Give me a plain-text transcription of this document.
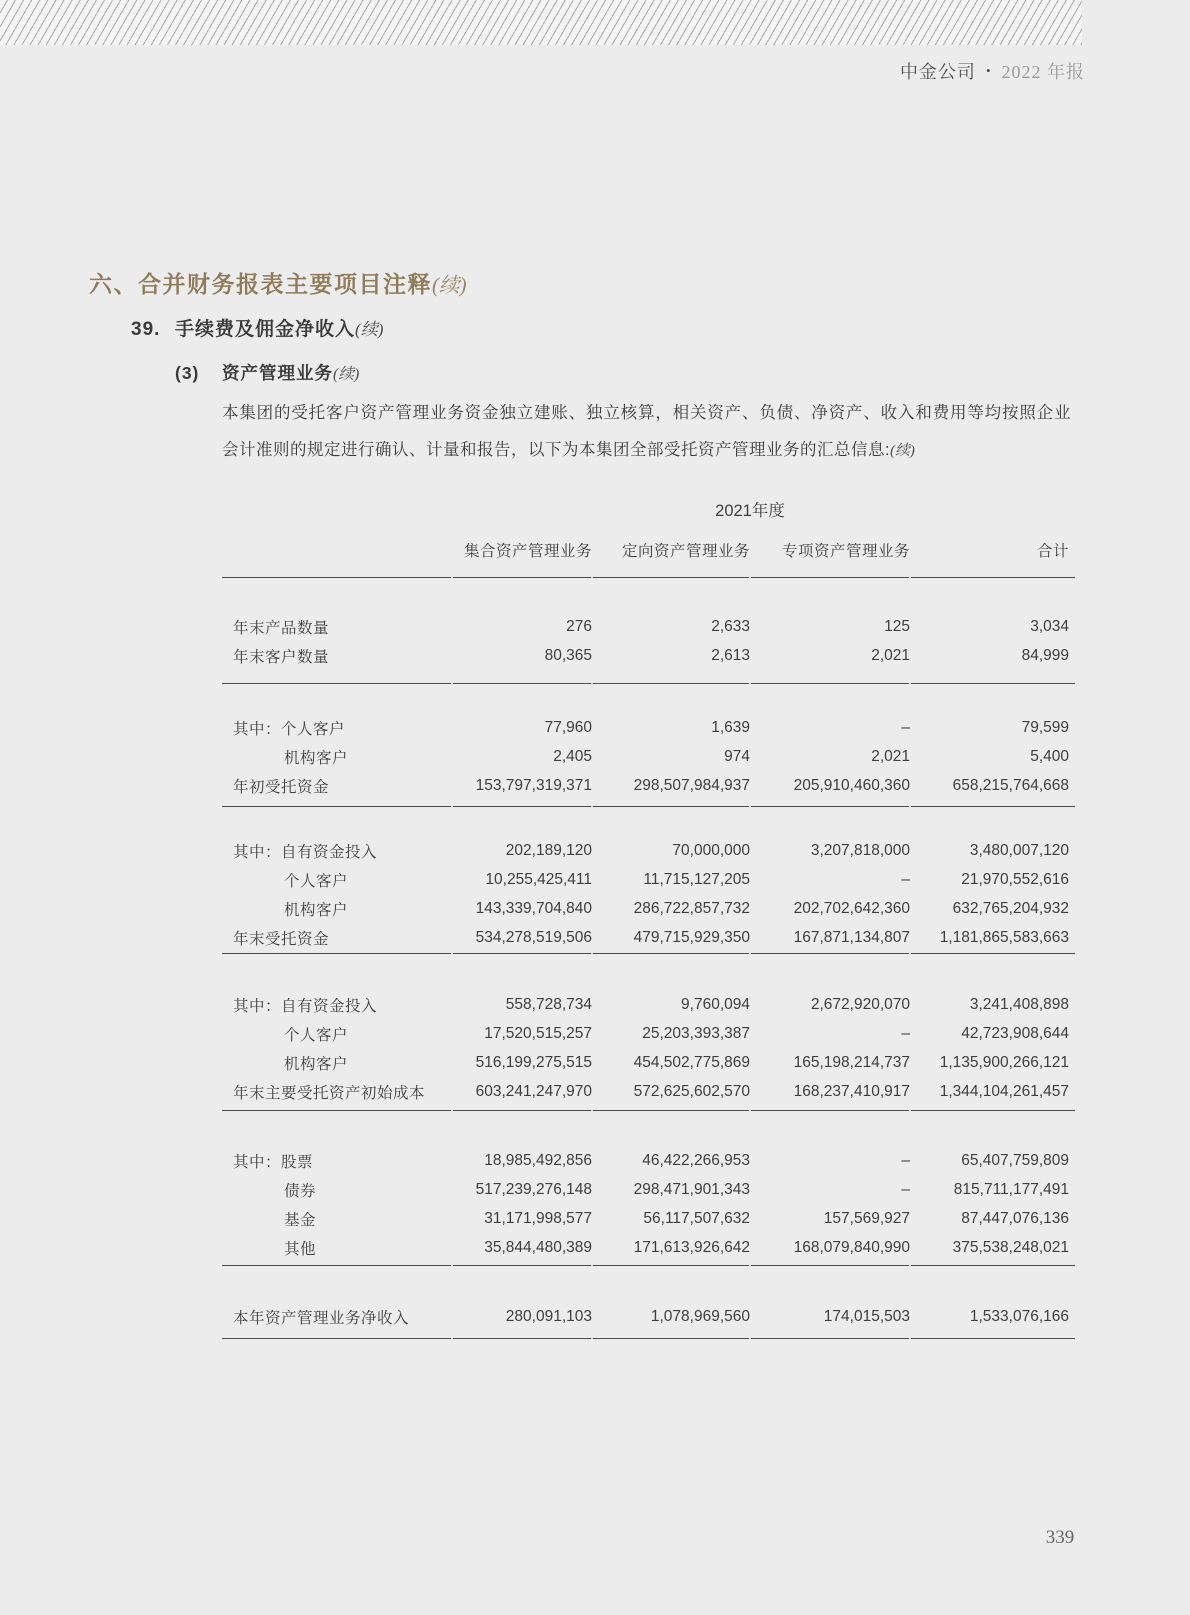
中金公司 • 2022 年报
六、合并财务报表主要项目注释(续)
39. 手续费及佣金净收入(续)
(3) 资产管理业务(续)
本集团的受托客户资产管理业务资金独立建账、独立核算，相关资产、负债、净资产、收入和费用等均按照企业会计准则的规定进行确认、计量和报告，以下为本集团全部受托资产管理业务的汇总信息:(续)
2021年度
集合资产管理业务	定向资产管理业务	专项资产管理业务	合计
年末产品数量	276	2,633	125	3,034
年末客户数量	80,365	2,613	2,021	84,999
其中：个人客户	77,960	1,639	–	79,599
机构客户	2,405	974	2,021	5,400
年初受托资金	153,797,319,371	298,507,984,937	205,910,460,360	658,215,764,668
其中：自有资金投入	202,189,120	70,000,000	3,207,818,000	3,480,007,120
个人客户	10,255,425,411	11,715,127,205	–	21,970,552,616
机构客户	143,339,704,840	286,722,857,732	202,702,642,360	632,765,204,932
年末受托资金	534,278,519,506	479,715,929,350	167,871,134,807	1,181,865,583,663
其中：自有资金投入	558,728,734	9,760,094	2,672,920,070	3,241,408,898
个人客户	17,520,515,257	25,203,393,387	–	42,723,908,644
机构客户	516,199,275,515	454,502,775,869	165,198,214,737	1,135,900,266,121
年末主要受托资产初始成本	603,241,247,970	572,625,602,570	168,237,410,917	1,344,104,261,457
其中：股票	18,985,492,856	46,422,266,953	–	65,407,759,809
债券	517,239,276,148	298,471,901,343	–	815,711,177,491
基金	31,171,998,577	56,117,507,632	157,569,927	87,447,076,136
其他	35,844,480,389	171,613,926,642	168,079,840,990	375,538,248,021
本年资产管理业务净收入	280,091,103	1,078,969,560	174,015,503	1,533,076,166
339
